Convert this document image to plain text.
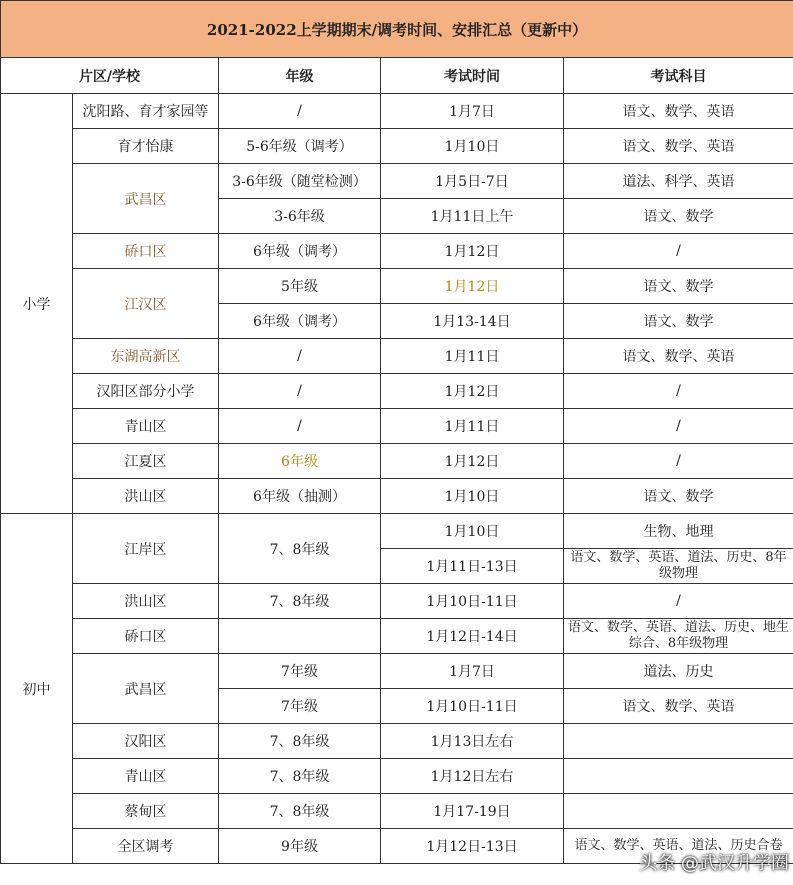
2021-2022上学期期末/调考时间、安排汇总（更新中）				
片区/学校		年级	考试时间	考试科目
小学	沈阳路、育才家园等	/	1月7日	语文、数学、英语
	育才怡康	5-6年级（调考）	1月10日	语文、数学、英语
	武昌区	3-6年级（随堂检测）	1月5日-7日	道法、科学、英语
		3-6年级	1月11日上午	语文、数学
	硚口区	6年级（调考）	1月12日	/
	江汉区	5年级	1月12日	语文、数学
		6年级（调考）	1月13-14日	语文、数学
	东湖高新区	/	1月11日	语文、数学、英语
	汉阳区部分小学	/	1月12日	/
	青山区	/	1月11日	/
	江夏区	6年级	1月12日	/
	洪山区	6年级（抽测）	1月10日	语文、数学
初中	江岸区	7、8年级	1月10日	生物、地理
			1月11日-13日	语文、数学、英语、道法、历史、8年级物理
	洪山区	7、8年级	1月10日-11日	/
	硚口区		1月12日-14日	语文、数学、英语、道法、历史、地生综合、8年级物理
	武昌区	7年级	1月7日	道法、历史
		7年级	1月10日-11日	语文、数学、英语
	汉阳区	7、8年级	1月13日左右	
	青山区	7、8年级	1月12日左右	
	蔡甸区	7、8年级	1月17-19日	
	全区调考	9年级	1月12日-13日	语文、数学、英语、道法、历史合卷
头条 @武汉升学圈
